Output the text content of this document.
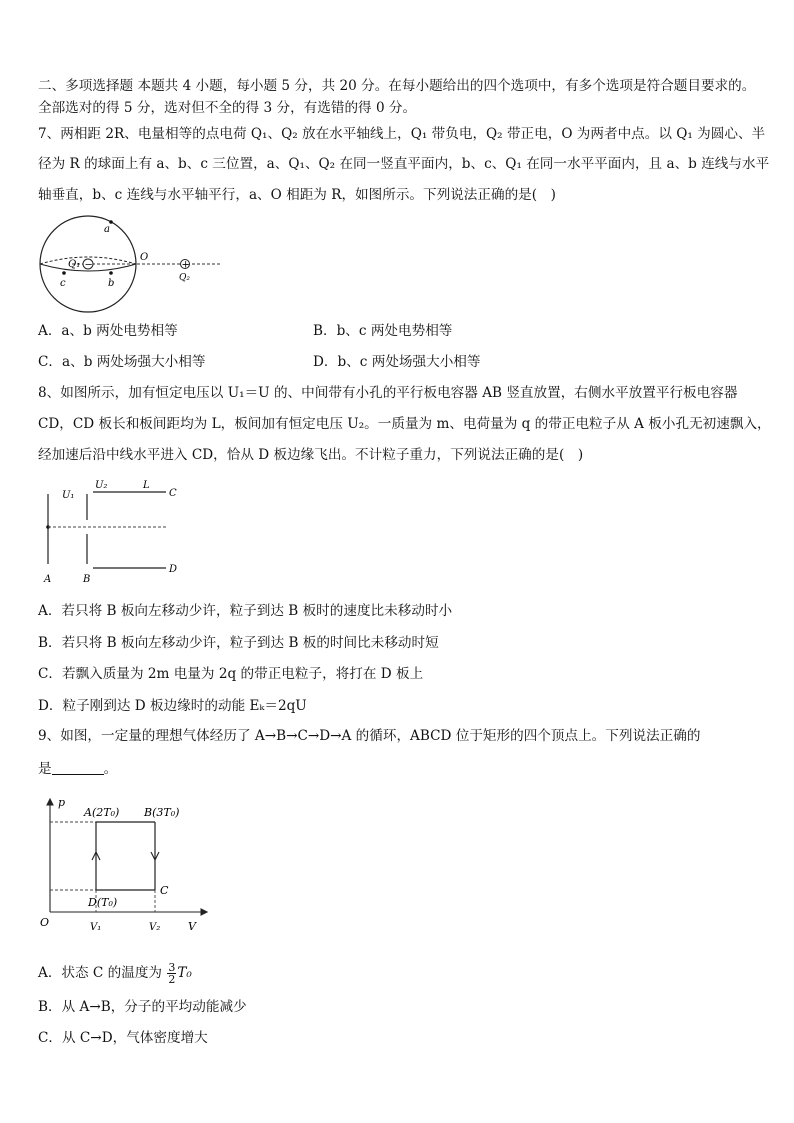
二、多项选择题 本题共 4 小题，每小题 5 分，共 20 分。在每小题给出的四个选项中，有多个选项是符合题目要求的。
全部选对的得 5 分，选对但不全的得 3 分，有选错的得 0 分。
7、两相距 2R、电量相等的点电荷 Q₁、Q₂ 放在水平轴线上，Q₁ 带负电，Q₂ 带正电，O 为两者中点。以 Q₁ 为圆心、半
径为 R 的球面上有 a、b、c 三位置，a、Q₁、Q₂ 在同一竖直平面内，b、c、Q₁ 在同一水平平面内，且 a、b 连线与水平
轴垂直，b、c 连线与水平轴平行，a、O 相距为 R，如图所示。下列说法正确的是(　)
a
−
Q₁
O
+
Q₂
c	b
A．a、b 两处电势相等	B．b、c 两处电势相等
C．a、b 两处场强大小相等	D．b、c 两处场强大小相等
8、如图所示，加有恒定电压以 U₁＝U 的、中间带有小孔的平行板电容器 AB 竖直放置，右侧水平放置平行板电容器
CD，CD 板长和板间距均为 L，板间加有恒定电压 U₂。一质量为 m、电荷量为 q 的带正电粒子从 A 板小孔无初速飘入，
经加速后沿中线水平进入 CD，恰从 D 板边缘飞出。不计粒子重力，下列说法正确的是(　)
U₁
U₂	L
C
D
A	B
A．若只将 B 板向左移动少许，粒子到达 B 板时的速度比未移动时小
B．若只将 B 板向左移动少许，粒子到达 B 板的时间比未移动时短
C．若飘入质量为 2m 电量为 2q 的带正电粒子，将打在 D 板上
D．粒子刚到达 D 板边缘时的动能 Eₖ＝2qU
9、如图，一定量的理想气体经历了 A→B→C→D→A 的循环，ABCD 位于矩形的四个顶点上。下列说法正确的
是	。
p
V
O
A(2T₀) B(3T₀)
C
D(T₀)
V₁	V₂
A．状态 C 的温度为 $\frac{3}{2} T_0$
B．从 A→B，分子的平均动能减少
C．从 C→D，气体密度增大
